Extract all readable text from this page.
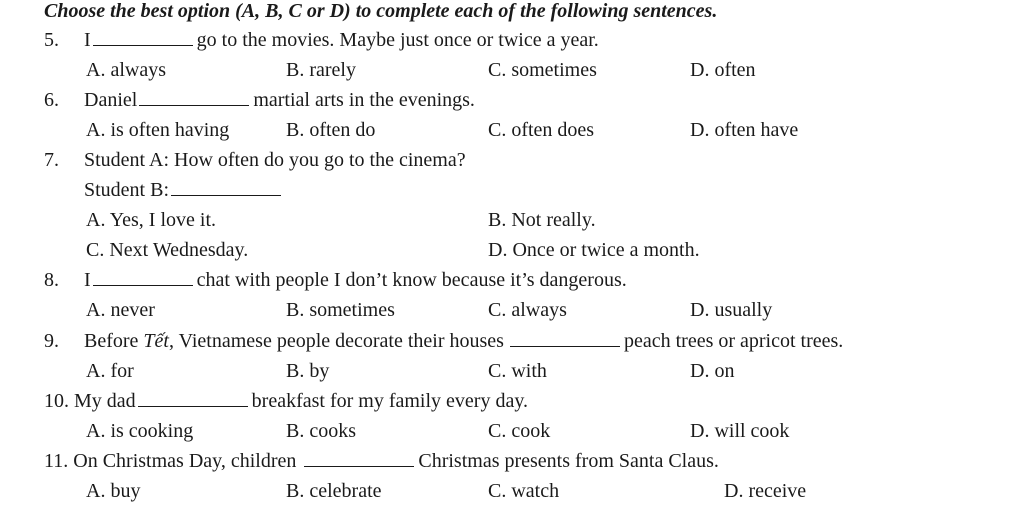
Choose the best option (A, B, C or D) to complete each of the following sentences.
5. I	go to the movies. Maybe just once or twice a year.
A. always	B. rarely	C. sometimes	D. often
6. Daniel	martial arts in the evenings.
A. is often having	B. often do	C. often does	D. often have
7. Student A: How often do you go to the cinema?
Student B:
A. Yes, I love it.	B. Not really.
C. Next Wednesday.	D. Once or twice a month.
8. I	chat with people I don’t know because it’s dangerous.
A. never	B. sometimes	C. always	D. usually
9. Before Tết, Vietnamese people decorate their houses	peach trees or apricot trees.
A. for	B. by	C. with	D. on
10. My dad	breakfast for my family every day.
A. is cooking	B. cooks	C. cook	D. will cook
11. On Christmas Day, children	Christmas presents from Santa Claus.
A. buy	B. celebrate	C. watch	D. receive
